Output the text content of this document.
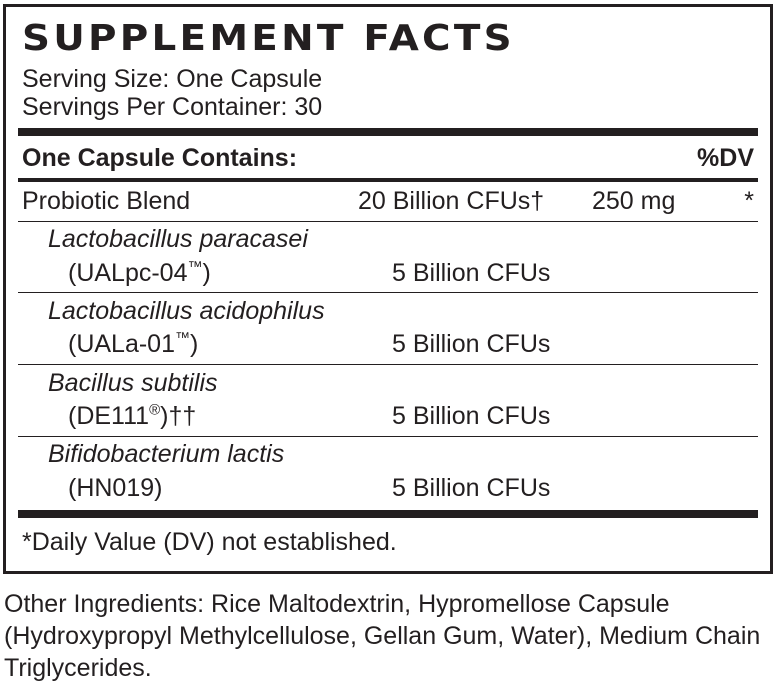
SUPPLEMENT FACTS
Serving Size: One Capsule
Servings Per Container: 30
One Capsule Contains:	%DV
Probiotic Blend	20 Billion CFUs† 250 mg	*
Lactobacillus paracasei
(UALpc-04™)	5 Billion CFUs
Lactobacillus acidophilus
(UALa-01™)	5 Billion CFUs
Bacillus subtilis
(DE111®)††	5 Billion CFUs
Bifidobacterium lactis
(HN019)	5 Billion CFUs
*Daily Value (DV) not established.
Other Ingredients: Rice Maltodextrin, Hypromellose Capsule (Hydroxypropyl Methylcellulose, Gellan Gum, Water), Medium Chain Triglycerides.
